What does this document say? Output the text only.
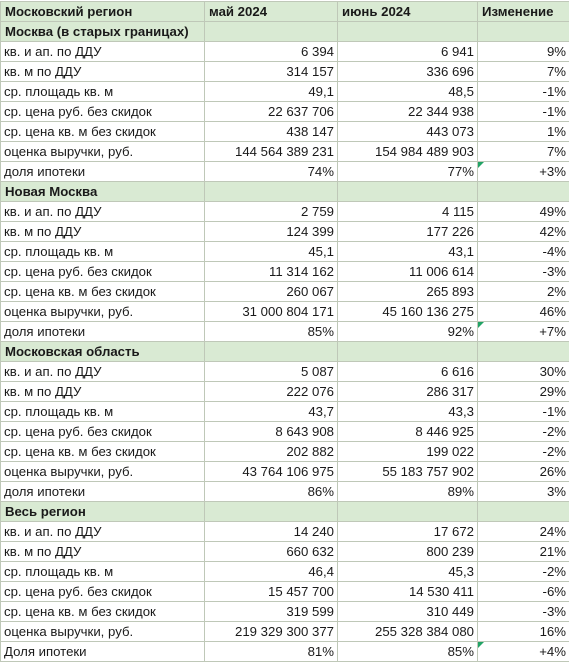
Московский регион	май 2024	июнь 2024	Изменение
Москва (в старых границах)			
кв. и ап. по ДДУ	6 394	6 941	9%
кв. м по ДДУ	314 157	336 696	7%
ср. площадь кв. м	49,1	48,5	-1%
ср. цена руб. без скидок	22 637 706	22 344 938	-1%
ср. цена кв. м без скидок	438 147	443 073	1%
оценка выручки, руб.	144 564 389 231	154 984 489 903	7%
доля ипотеки	74%	77%	+3%
Новая Москва			
кв. и ап. по ДДУ	2 759	4 115	49%
кв. м по ДДУ	124 399	177 226	42%
ср. площадь кв. м	45,1	43,1	-4%
ср. цена руб. без скидок	11 314 162	11 006 614	-3%
ср. цена кв. м без скидок	260 067	265 893	2%
оценка выручки, руб.	31 000 804 171	45 160 136 275	46%
доля ипотеки	85%	92%	+7%
Московская область			
кв. и ап. по ДДУ	5 087	6 616	30%
кв. м по ДДУ	222 076	286 317	29%
ср. площадь кв. м	43,7	43,3	-1%
ср. цена руб. без скидок	8 643 908	8 446 925	-2%
ср. цена кв. м без скидок	202 882	199 022	-2%
оценка выручки, руб.	43 764 106 975	55 183 757 902	26%
доля ипотеки	86%	89%	3%
Весь регион			
кв. и ап. по ДДУ	14 240	17 672	24%
кв. м по ДДУ	660 632	800 239	21%
ср. площадь кв. м	46,4	45,3	-2%
ср. цена руб. без скидок	15 457 700	14 530 411	-6%
ср. цена кв. м без скидок	319 599	310 449	-3%
оценка выручки, руб.	219 329 300 377	255 328 384 080	16%
Доля ипотеки	81%	85%	+4%
